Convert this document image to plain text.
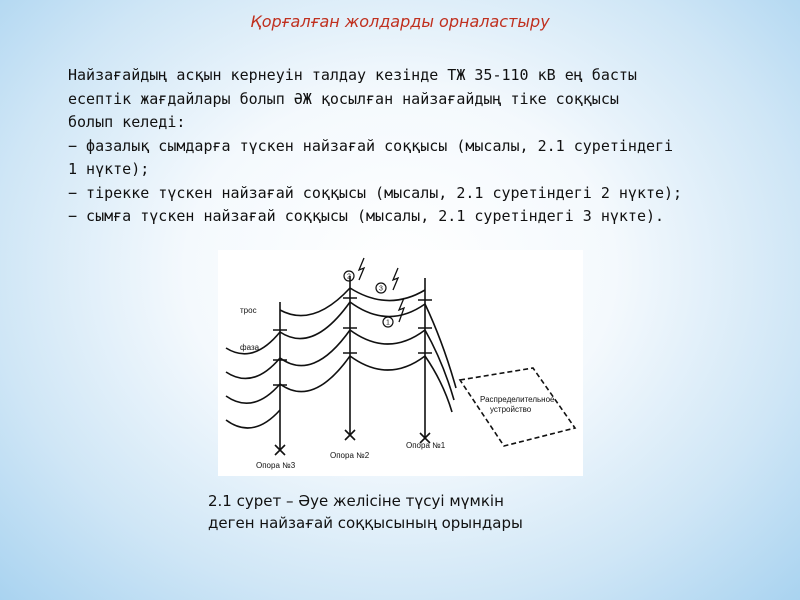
Қорғалған жолдарды орналастыру
Найзағайдың асқын кернеуін талдау кезінде ТЖ 35-110 кВ ең басты
есептік жағдайлары болып ӘЖ қосылған найзағайдың тіке соққысы
болып келеді:
− фазалық сымдарға түскен найзағай соққысы (мысалы, 2.1 суретіндегі
1 нүкте);
− тірекке түскен найзағай соққысы (мысалы, 2.1 суретіндегі 2 нүкте);
− сымға түскен найзағай соққысы (мысалы, 2.1 суретіндегі 3 нүкте).
2
3
1
трос
фаза
Опора №3
Опора №2
Опора №1
Распределительное
устройство
2.1 сурет – Әуе желісіне түсуі мүмкін
деген найзағай соққысының орындары
